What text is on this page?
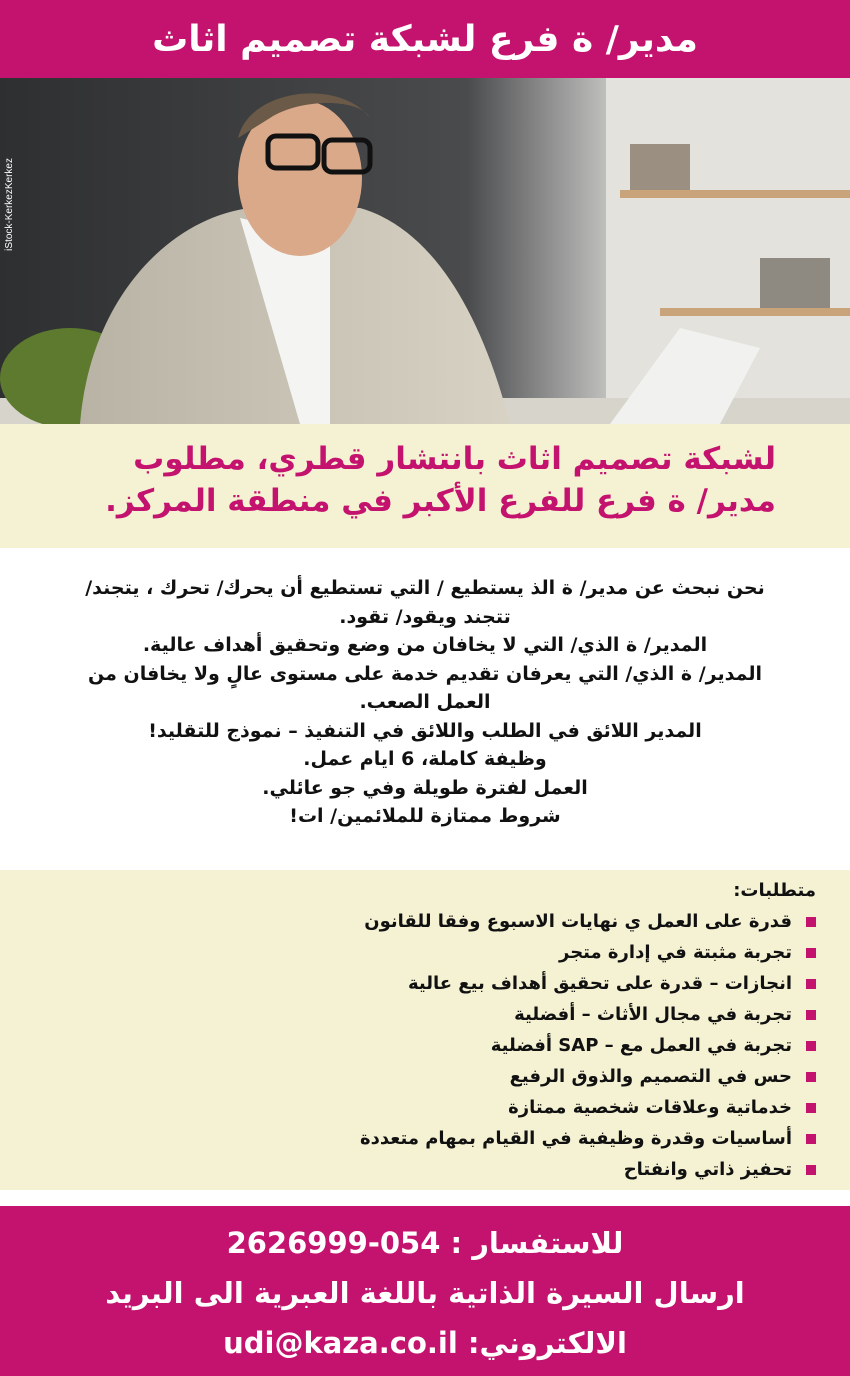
مدير/ ة فرع لشبكة تصميم اثاث
iStock-KerkezKerkez
لشبكة تصميم اثاث بانتشار قطري، مطلوب
مدير/ ة فرع للفرع الأكبر في منطقة المركز.

نحن نبحث عن مدير/ ة الذ يستطيع / التي تستطيع أن يحرك/ تحرك ، يتجند/

تتجند ويقود/ تقود.

المدير/ ة الذي/ التي لا يخافان من وضع وتحقيق أهداف عالية.

المدير/ ة الذي/ التي يعرفان تقديم خدمة على مستوى عالٍ ولا يخافان من

العمل الصعب.

المدير اللائق في الطلب واللائق في التنفيذ – نموذج للتقليد!

وظيفة كاملة، 6 ايام عمل.

العمل لفترة طويلة وفي جو عائلي.

شروط ممتازة للملائمين/ ات!

متطلبات:
قدرة على العمل ي نهايات الاسبوع وفقا للقانون
تجربة مثبتة في إدارة متجر
انجازات – قدرة على تحقيق أهداف بيع عالية
تجربة في مجال الأثاث – أفضلية
تجربة في العمل مع – SAP أفضلية
حس في التصميم والذوق الرفيع
خدماتية وعلاقات شخصية ممتازة
أساسيات وقدرة وظيفية في القيام بمهام متعددة
تحفيز ذاتي وانفتاح
للاستفسار : 054-2626999
ارسال السيرة الذاتية باللغة العبرية الى البريد
الالكتروني: udi@kaza.co.il
